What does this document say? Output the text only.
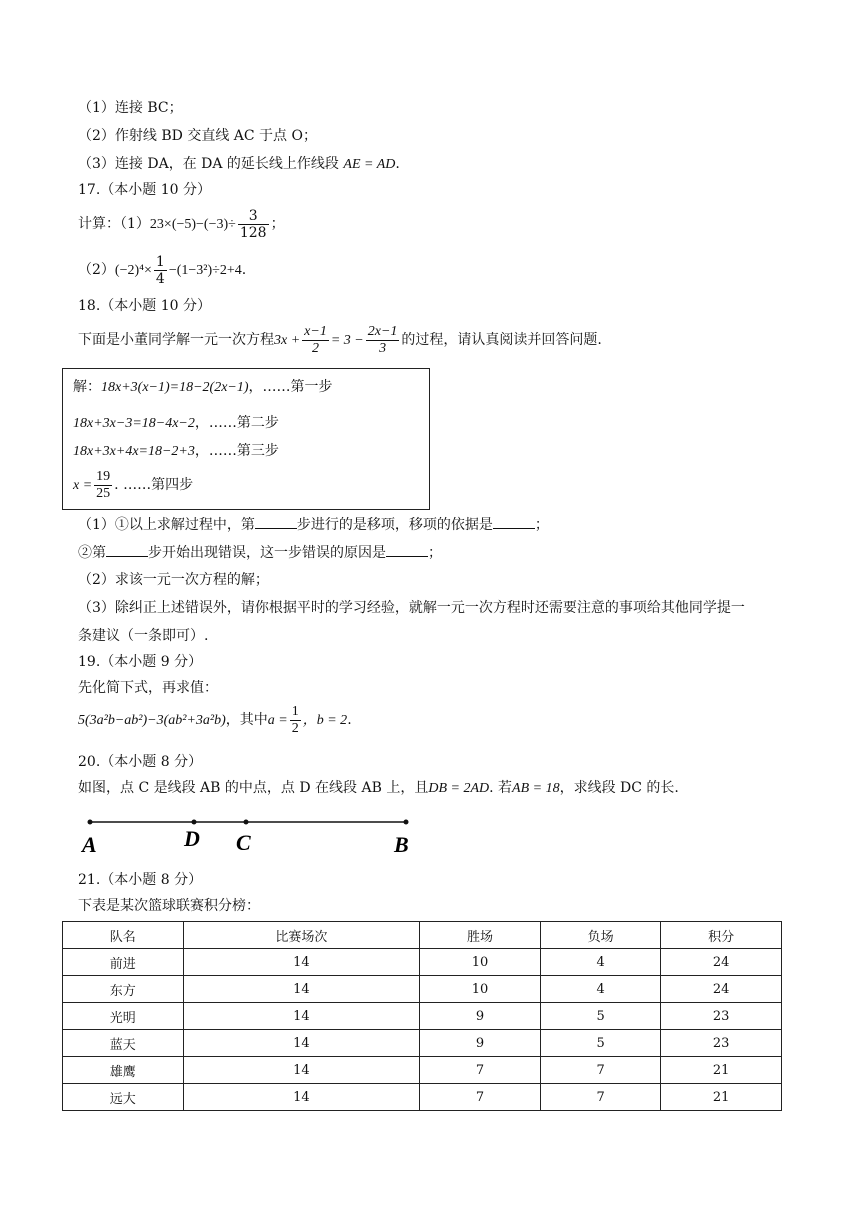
（1）连接 BC；
（2）作射线 BD 交直线 AC 于点 O；
（3）连接 DA，在 DA 的延长线上作线段 AE = AD.
17.（本小题 10 分）
计算：$(1)23\times(-5)-(-3)\div \frac{3}{128}$ ；
$(2)(-2)^4\times \frac{1}{4} -(1-3^2)\div 2+4$.
18.（本小题 10 分）
下面是小董同学解一元一次方程$3x + \frac{x-1}{2} = 3 - \frac{2x-1}{3}$ 的过程，请认真阅读并回答问题.
解：18x+3(x−1)=18−2(2x−1)，……第一步
18x+3x−3=18−4x−2，……第二步
18x+3x+4x=18−2+3，……第三步
$x = \frac{19}{25}$ . ……第四步
（1）①以上求解过程中，第	步进行的是移项，移项的依据是	；
②第	步开始出现错误，这一步错误的原因是	；
（2）求该一元一次方程的解；
（3）除纠正上述错误外，请你根据平时的学习经验，就解一元一次方程时还需要注意的事项给其他同学提一
条建议（一条即可）.
19.（本小题 9 分）
先化简下式，再求值：
5(3a²b−ab²)−3(ab²+3a²b)，其中$a = \frac{1}{2}$ ，b = 2.
20.（本小题 8 分）
如图，点 C 是线段 AB 的中点，点 D 在线段 AB 上，且DB = 2AD. 若AB = 18，求线段 DC 的长.
A	D C	B
21.（本小题 8 分）
下表是某次篮球联赛积分榜：
队名	比赛场次	胜场	负场	积分
前进	14	10	4	24
东方	14	10	4	24
光明	14	9	5	23
蓝天	14	9	5	23
雄鹰	14	7	7	21
远大	14	7	7	21
